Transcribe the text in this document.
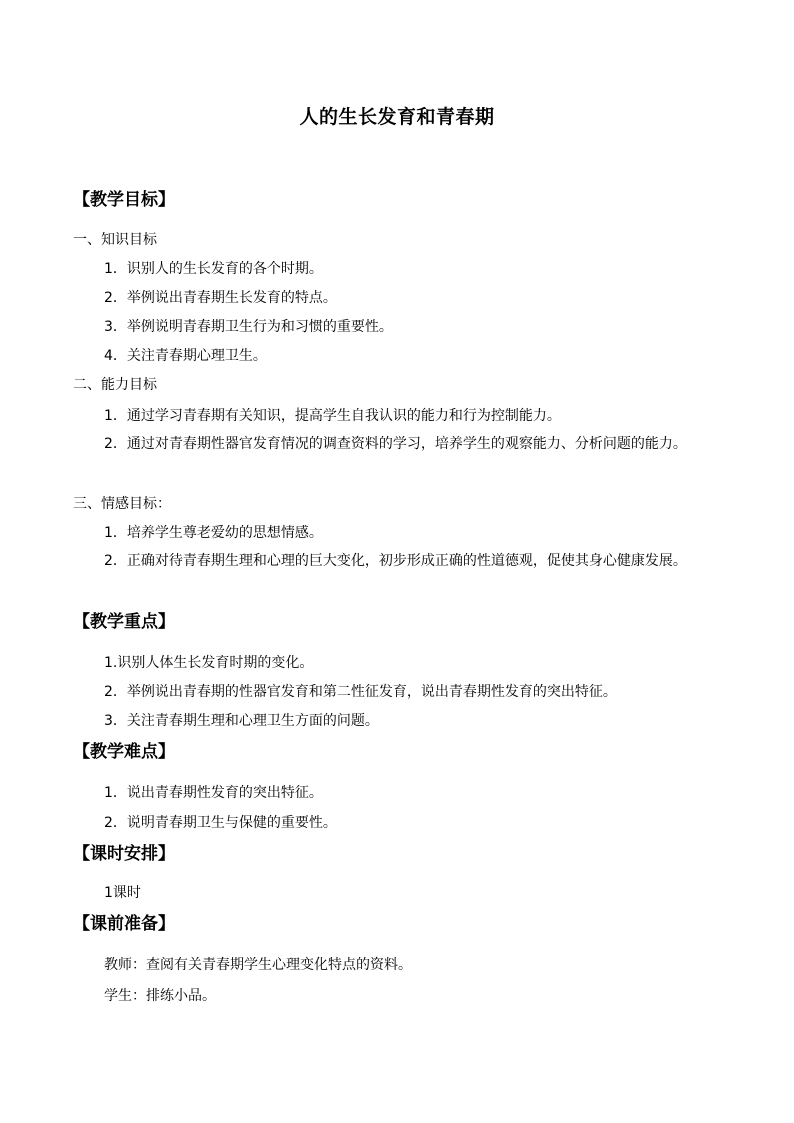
人的生长发育和青春期
【教学目标】
一、知识目标
1．识别人的生长发育的各个时期。
2．举例说出青春期生长发育的特点。
3．举例说明青春期卫生行为和习惯的重要性。
4．关注青春期心理卫生。
二、能力目标
1．通过学习青春期有关知识，提高学生自我认识的能力和行为控制能力。
2．通过对青春期性器官发育情况的调查资料的学习，培养学生的观察能力、分析问题的能力。
三、情感目标：
1．培养学生尊老爱幼的思想情感。
2．正确对待青春期生理和心理的巨大变化，初步形成正确的性道德观，促使其身心健康发展。
【教学重点】
1.识别人体生长发育时期的变化。
2．举例说出青春期的性器官发育和第二性征发育，说出青春期性发育的突出特征。
3．关注青春期生理和心理卫生方面的问题。
【教学难点】
1．说出青春期性发育的突出特征。
2．说明青春期卫生与保健的重要性。
【课时安排】
1课时
【课前准备】
教师：查阅有关青春期学生心理变化特点的资料。
学生：排练小品。
